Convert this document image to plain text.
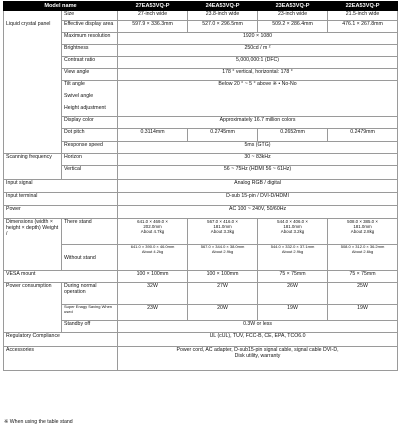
Model name		27EA53VQ-P	24EA53VQ-P	23EA53VQ-P	22EA53VQ-P
Liquid crystal panel	Size	27-inch wide	23.8-inch wide	23-inch wide	21.5-inch wide
	Effective display area	597.9 × 336.3mm	527.0 × 296.5mm	509.2 × 286.4mm	476.1 × 267.8mm
	Maximum resolution	1920 × 1080			
	Brightness	250cd / m ²			
	Contrast ratio	5,000,000:1 (DFC)			
	View angle	178 ° vertical, horizontal: 178 °			
	Tilt angle	Below 20 ° ~ 5 ° above ※ • No-No			
	Swivel angle				
	Height adjustment				
	Display color	Approximately 16.7 million colors			
	Dot pitch	0.3114mm	0.2745mm	0.2652mm	0.2479mm
	Response speed	5ms (GTG)			
Scanning frequency	Horizon	30 ~ 83kHz			
	Vertical	56 ~ 75Hz (HDMI 56 ~ 61Hz)			
Input signal		Analog RGB / digital			
Input terminal		D-sub 15-pin / DVI-D/HDMI			
Power		AC 100 ~ 240V, 50/60Hz			
Dimensions (width × height × depth) Weight /	There stand	641.0 × 469.0 ×
202.0mm
About 4.7kg	567.0 × 416.0 ×
181.0mm
About 3.3kg	544.0 × 406.0 ×
181.0mm
About 3.2kg	508.0 × 385.0 ×
181.0mm
About 2.8kg

	Without stand	641.0 × 390.0 × 46.0mm
About 4.2kg	567.0 × 344.0 × 38.0mm
About 2.9kg	544.0 × 332.0 × 37.1mm
About 2.9kg	508.0 × 312.0 × 36.2mm
About 2.6kg

VESA mount		100 × 100mm	100 × 100mm	75 × 75mm	75 × 75mm
Power consumption	During normal operation	32W	27W	26W	25W
	Super Enagy Saving When used	23W	20W	19W	19W
	Standby off	0.3W or less			
Regulatory Compliance		UL (cUL), TUV, FCC-B, CE, EPA, TCO6.0			
Accessories		Power cord, AC adapter, D-sub15-pin signal cable, signal cable DVI-D,
Disk utility, warranty			
※ When using the table stand
